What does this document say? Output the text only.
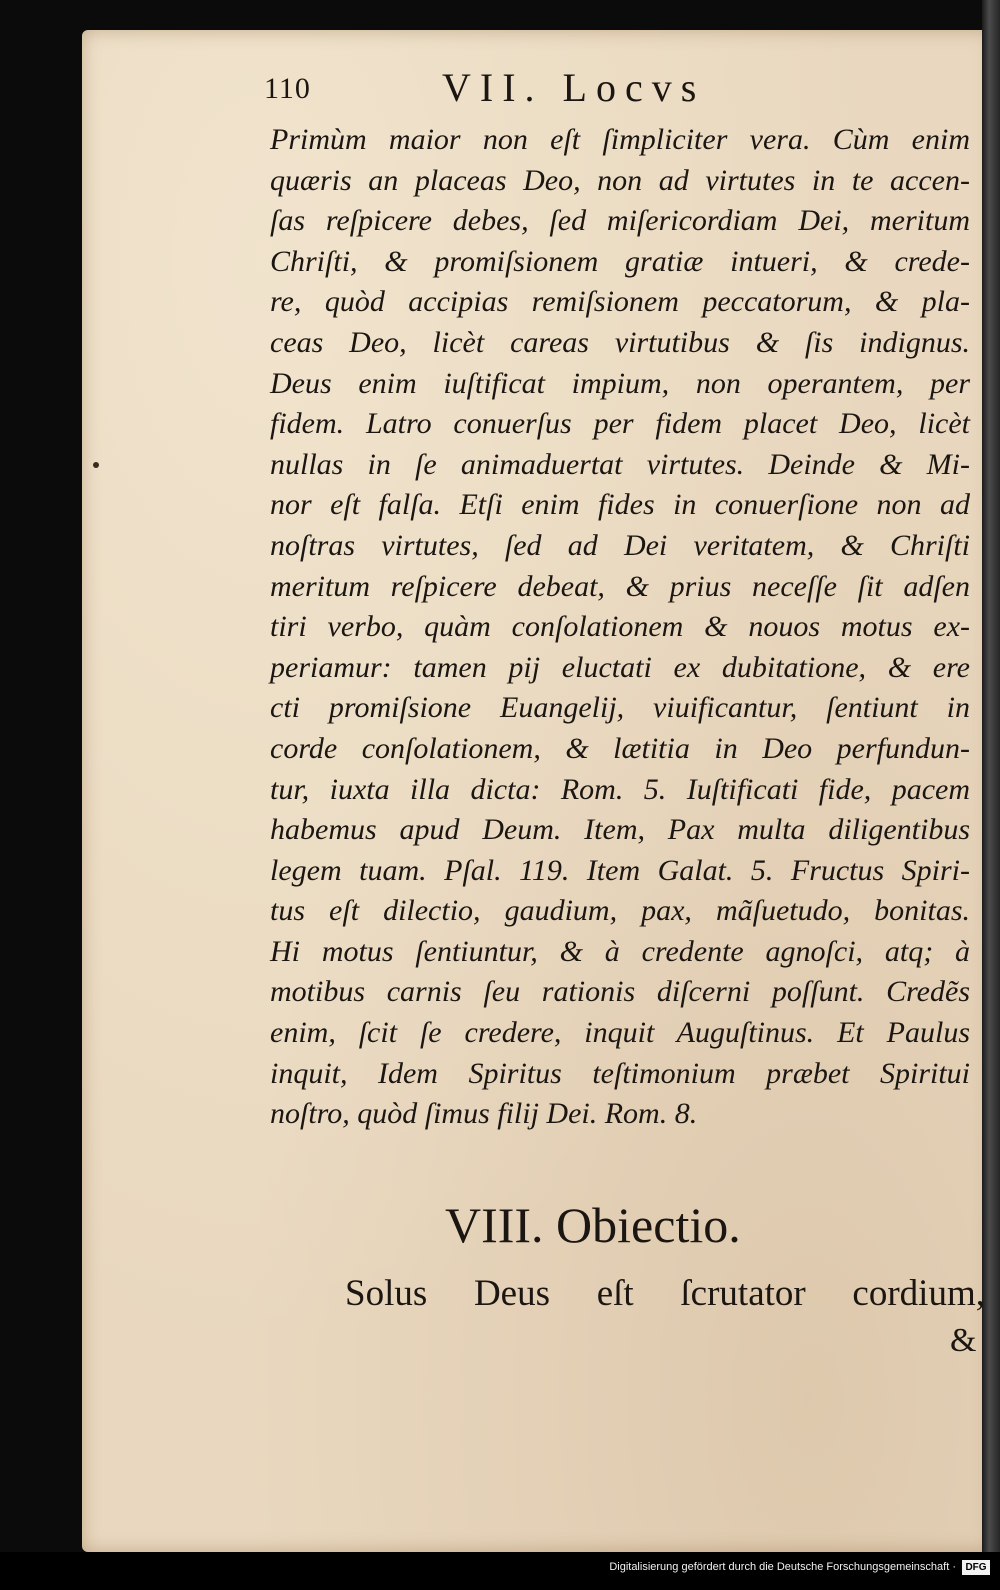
110	VII. Locvs
Primùm maior non eſt ſimpliciter vera. Cùm enim
quæris an placeas Deo, non ad virtutes in te accen-
ſas reſpicere debes, ſed miſericordiam Dei, meritum
Chriſti, & promiſsionem gratiæ intueri, & crede-
re, quòd accipias remiſsionem peccatorum, & pla-
ceas Deo, licèt careas virtutibus & ſis indignus.
Deus enim iuſtificat impium, non operantem, per
fidem. Latro conuerſus per fidem placet Deo, licèt
nullas in ſe animaduertat virtutes. Deinde & Mi-
nor eſt falſa. Etſi enim fides in conuerſione non ad
noſtras virtutes, ſed ad Dei veritatem, & Chriſti
meritum reſpicere debeat, & prius neceſſe ſit adſen
tiri verbo, quàm conſolationem & nouos motus ex-
periamur: tamen pij eluctati ex dubitatione, & ere
cti promiſsione Euangelij, viuificantur, ſentiunt in
corde conſolationem, & lætitia in Deo perfundun-
tur, iuxta illa dicta: Rom. 5. Iuſtificati fide, pacem
habemus apud Deum. Item, Pax multa diligentibus
legem tuam. Pſal. 119. Item Galat. 5. Fructus Spiri-
tus eſt dilectio, gaudium, pax, mãſuetudo, bonitas.
Hi motus ſentiuntur, & à credente agnoſci, atq; à
motibus carnis ſeu rationis diſcerni poſſunt. Credẽs
enim, ſcit ſe credere, inquit Auguſtinus. Et Paulus
inquit, Idem Spiritus teſtimonium præbet Spiritui
noſtro, quòd ſimus filij Dei. Rom. 8.
VIII. Obiectio.
Solus Deus eſt ſcrutator cordium,
&
Digitalisierung gefördert durch die Deutsche Forschungsgemeinschaft · DFG
